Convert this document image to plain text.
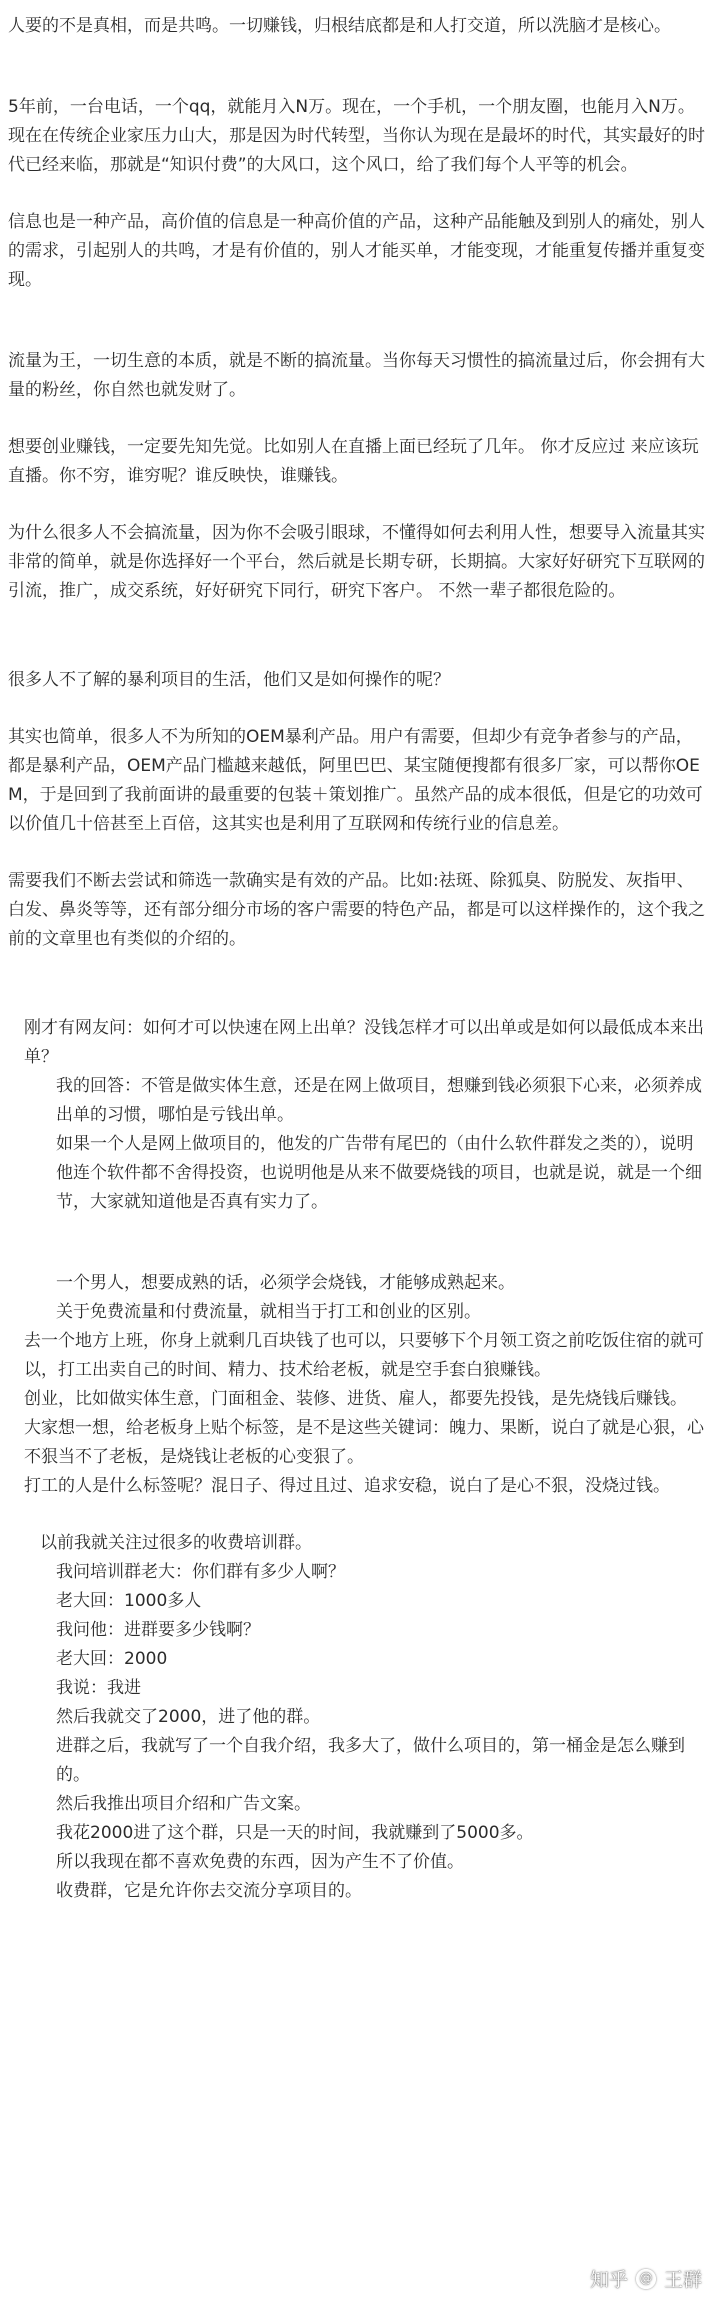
人要的不是真相，而是共鸣。一切赚钱，归根结底都是和人打交道，所以洗脑才是核心。

5年前，一台电话，一个qq，就能月入N万。现在，一个手机，一个朋友圈，也能月入N万。现在在传统企业家压力山大，那是因为时代转型，当你认为现在是最坏的时代，其实最好的时代已经来临，那就是“知识付费”的大风口，这个风口，给了我们每个人平等的机会。

信息也是一种产品，高价值的信息是一种高价值的产品，这种产品能触及到别人的痛处，别人的需求，引起别人的共鸣，才是有价值的，别人才能买单，才能变现，才能重复传播并重复变现。

流量为王，一切生意的本质，就是不断的搞流量。当你每天习惯性的搞流量过后，你会拥有大量的粉丝，你自然也就发财了。

想要创业赚钱，一定要先知先觉。比如别人在直播上面已经玩了几年。 你才反应过 来应该玩直播。你不穷，谁穷呢？谁反映快，谁赚钱。

为什么很多人不会搞流量，因为你不会吸引眼球，不懂得如何去利用人性，想要导入流量其实非常的简单，就是你选择好一个平台，然后就是长期专研，长期搞。大家好好研究下互联网的引流，推广，成交系统，好好研究下同行，研究下客户。 不然一辈子都很危险的。

很多人不了解的暴利项目的生活，他们又是如何操作的呢？

其实也简单，很多人不为所知的OEM暴利产品。用户有需要，但却少有竞争者参与的产品，都是暴利产品，OEM产品门槛越来越低，阿里巴巴、某宝随便搜都有很多厂家，可以帮你OEM，于是回到了我前面讲的最重要的包装＋策划推广。虽然产品的成本很低，但是它的功效可以价值几十倍甚至上百倍，这其实也是利用了互联网和传统行业的信息差。

需要我们不断去尝试和筛选一款确实是有效的产品。比如:祛斑、除狐臭、防脱发、灰指甲、白发、鼻炎等等，还有部分细分市场的客户需要的特色产品，都是可以这样操作的，这个我之前的文章里也有类似的介绍的。

刚才有网友问：如何才可以快速在网上出单？没钱怎样才可以出单或是如何以最低成本来出单？

我的回答：不管是做实体生意，还是在网上做项目，想赚到钱必须狠下心来，必须养成出单的习惯，哪怕是亏钱出单。

如果一个人是网上做项目的，他发的广告带有尾巴的（由什么软件群发之类的），说明他连个软件都不舍得投资，也说明他是从来不做要烧钱的项目，也就是说，就是一个细节，大家就知道他是否真有实力了。

一个男人，想要成熟的话，必须学会烧钱，才能够成熟起来。

关于免费流量和付费流量，就相当于打工和创业的区别。

去一个地方上班，你身上就剩几百块钱了也可以，只要够下个月领工资之前吃饭住宿的就可以，打工出卖自己的时间、精力、技术给老板，就是空手套白狼赚钱。

创业，比如做实体生意，门面租金、装修、进货、雇人，都要先投钱，是先烧钱后赚钱。

大家想一想，给老板身上贴个标签，是不是这些关键词：魄力、果断，说白了就是心狠，心不狠当不了老板，是烧钱让老板的心变狠了。

打工的人是什么标签呢？混日子、得过且过、追求安稳，说白了是心不狠，没烧过钱。

以前我就关注过很多的收费培训群。

我问培训群老大：你们群有多少人啊？

老大回：1000多人

我问他：进群要多少钱啊？

老大回：2000

我说：我进

然后我就交了2000，进了他的群。

进群之后，我就写了一个自我介绍，我多大了，做什么项目的，第一桶金是怎么赚到的。

然后我推出项目介绍和广告文案。

我花2000进了这个群，只是一天的时间，我就赚到了5000多。

所以我现在都不喜欢免费的东西，因为产生不了价值。

收费群，它是允许你去交流分享项目的。

知乎 @ 王群
